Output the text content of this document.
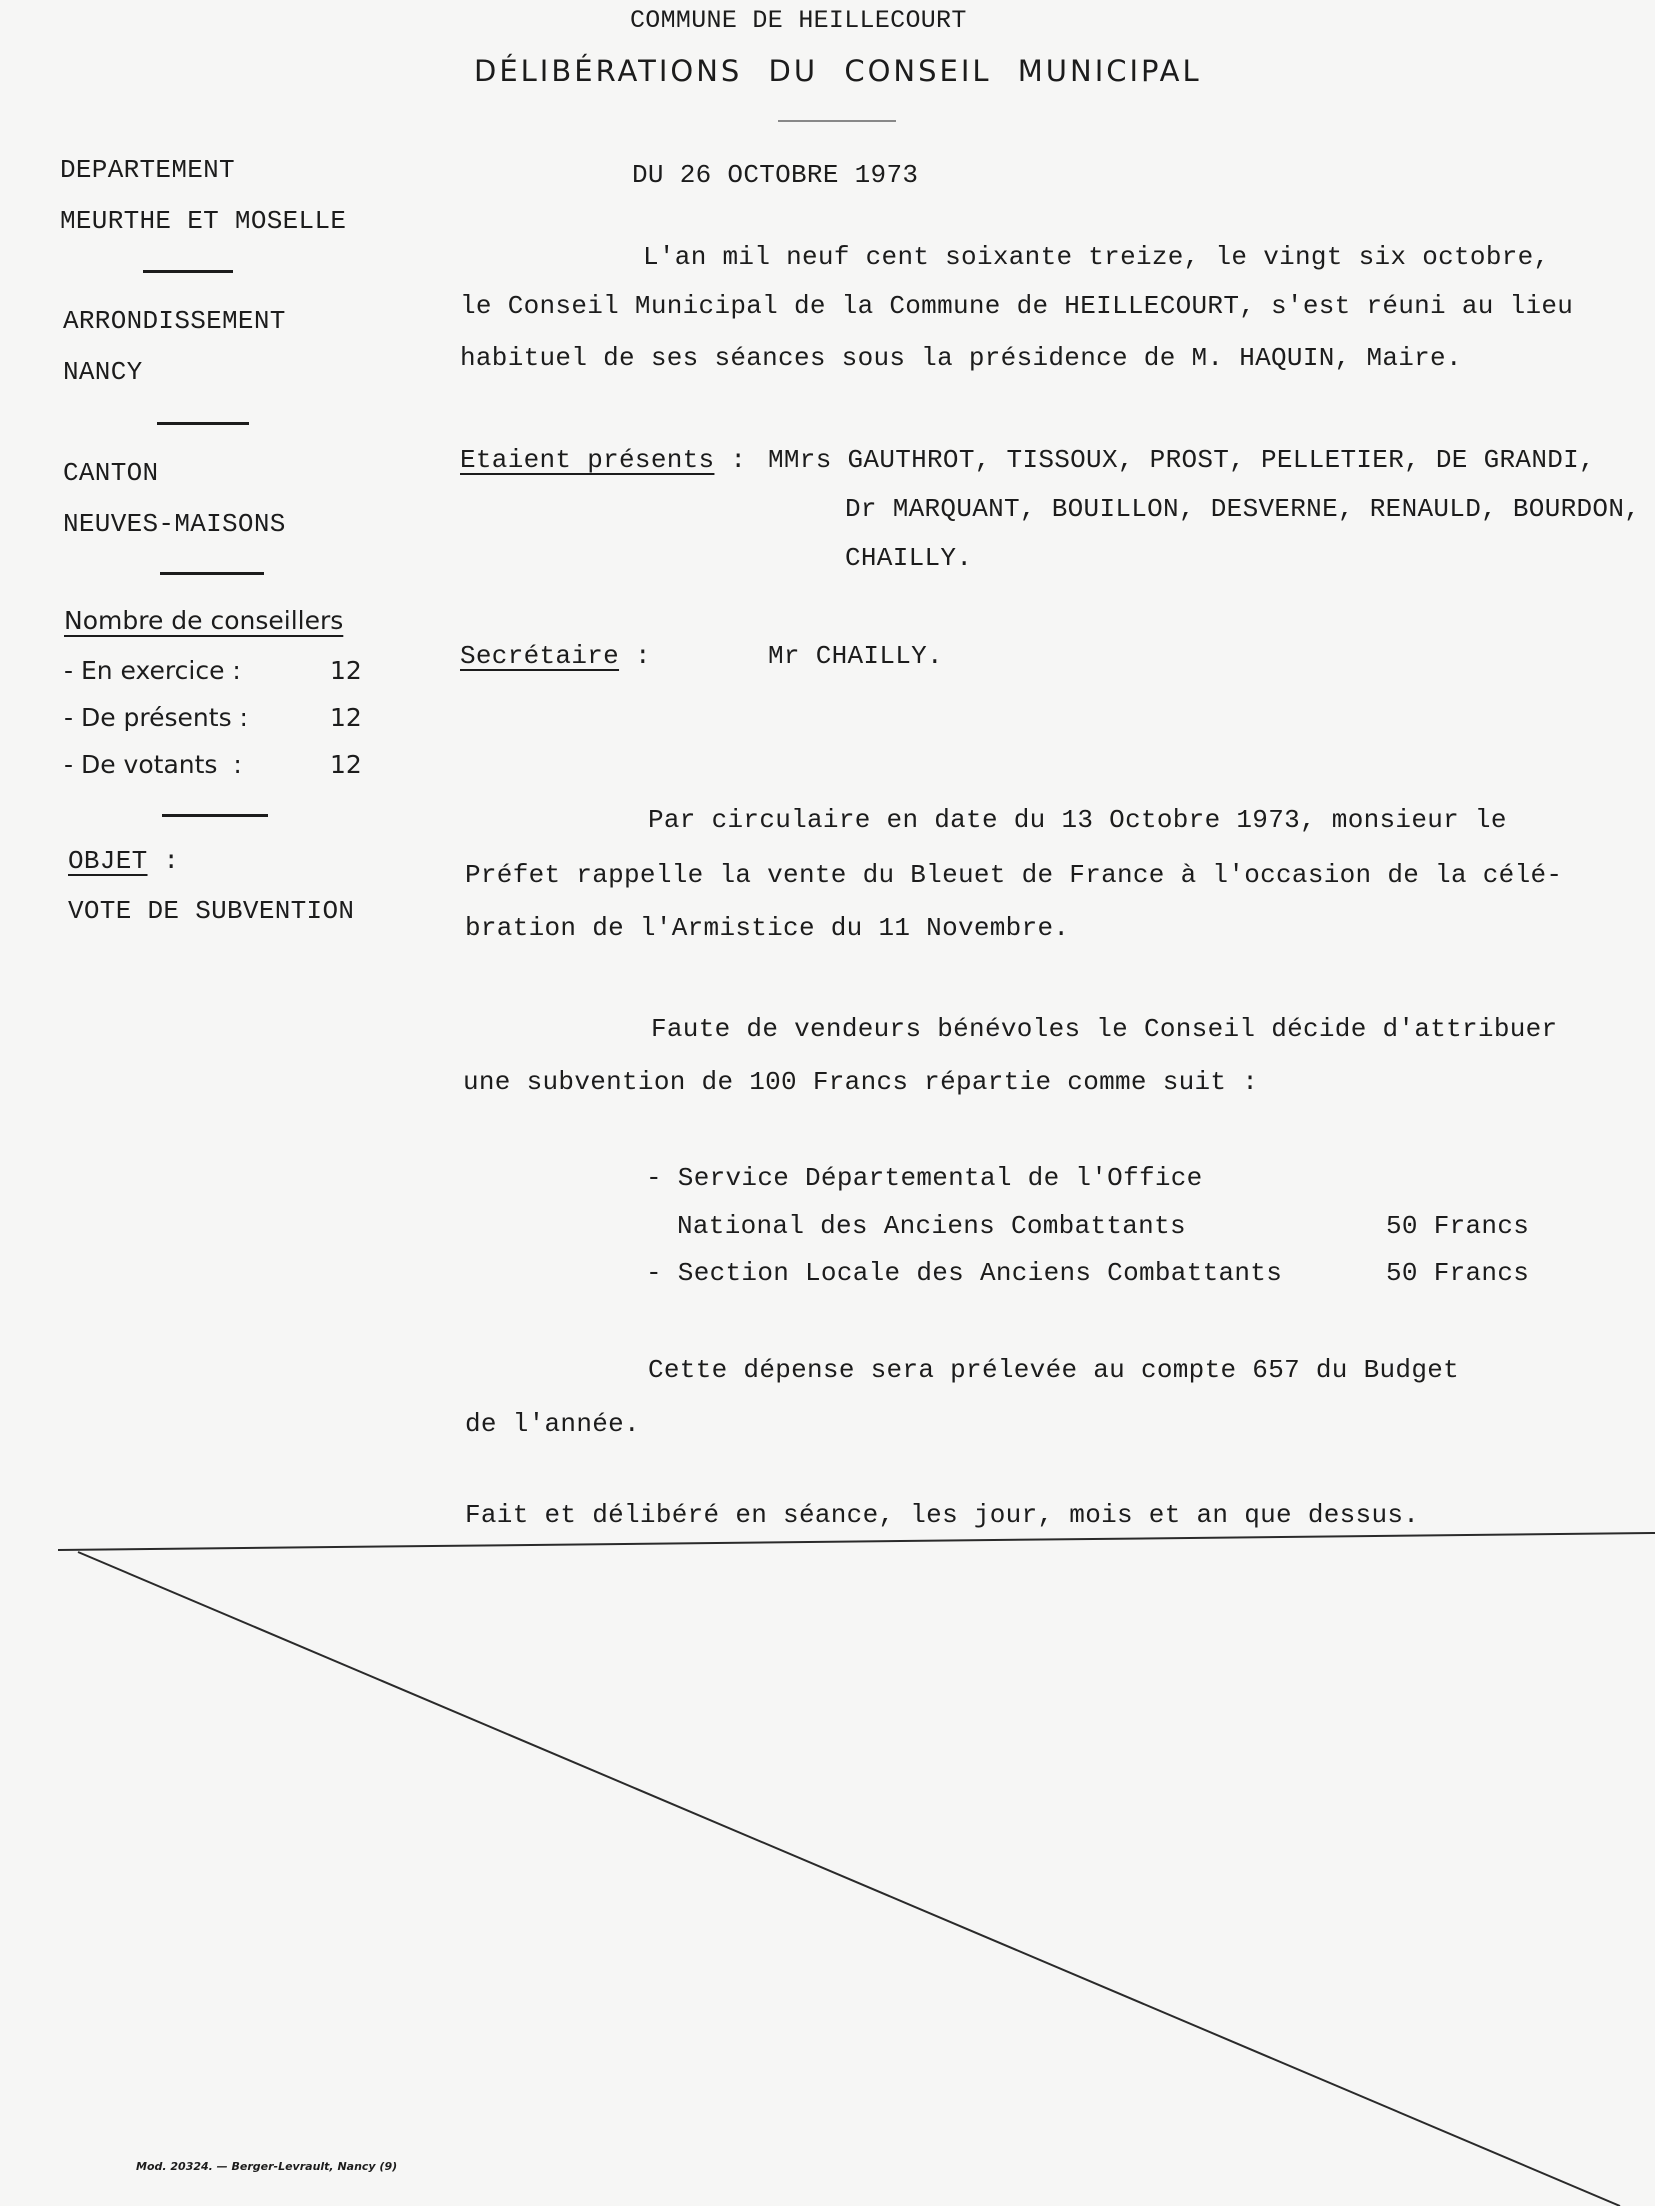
COMMUNE DE HEILLECOURT
DÉLIBÉRATIONS DU CONSEIL MUNICIPAL
DEPARTEMENT
MEURTHE ET MOSELLE
ARRONDISSEMENT
NANCY
CANTON
NEUVES-MAISONS
Nombre de conseillers
- En exercice :	12
- De présents :	12
- De votants  :	12
OBJET :
VOTE DE SUBVENTION
DU 26 OCTOBRE 1973
L'an mil neuf cent soixante treize, le vingt six octobre,
le Conseil Municipal de la Commune de HEILLECOURT, s'est réuni au lieu
habituel de ses séances sous la présidence de M. HAQUIN, Maire.
Etaient présents : MMrs GAUTHROT, TISSOUX, PROST, PELLETIER, DE GRANDI,
Dr MARQUANT, BOUILLON, DESVERNE, RENAULD, BOURDON,
CHAILLY.
Secrétaire :	Mr CHAILLY.
Par circulaire en date du 13 Octobre 1973, monsieur le
Préfet rappelle la vente du Bleuet de France à l'occasion de la célé-
bration de l'Armistice du 11 Novembre.
Faute de vendeurs bénévoles le Conseil décide d'attribuer
une subvention de 100 Francs répartie comme suit :
- Service Départemental de l'Office
National des Anciens Combattants	50 Francs
- Section Locale des Anciens Combattants	50 Francs
Cette dépense sera prélevée au compte 657 du Budget
de l'année.
Fait et délibéré en séance, les jour, mois et an que dessus.
Mod. 20324. — Berger-Levrault, Nancy (9)
